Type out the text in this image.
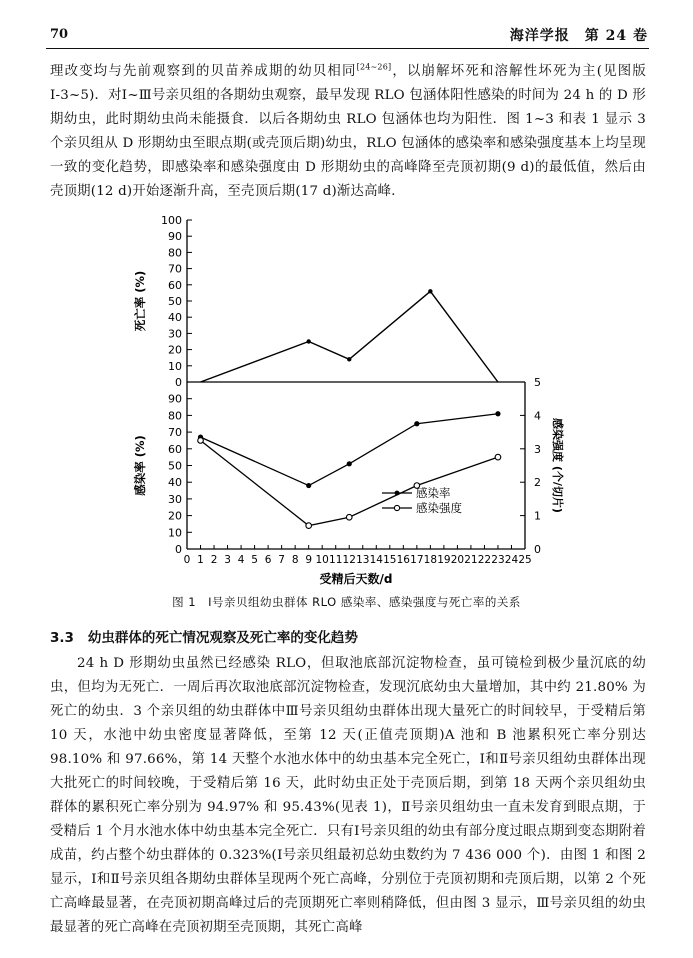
70	海洋学报　第 24 卷

理改变均与先前观察到的贝苗养成期的幼贝相同[24~26]，以崩解坏死和溶解性坏死为主(见图版Ⅰ-3~5)．对Ⅰ~Ⅲ号亲贝组的各期幼虫观察，最早发现 RLO 包涵体阳性感染的时间为 24 h 的 D 形期幼虫，此时期幼虫尚未能摄食．以后各期幼虫 RLO 包涵体也均为阳性．图 1~3 和表 1 显示 3 个亲贝组从 D 形期幼虫至眼点期(或壳顶后期)幼虫，RLO 包涵体的感染率和感染强度基本上均呈现一致的变化趋势，即感染率和感染强度由 D 形期幼虫的高峰降至壳顶初期(9 d)的最低值，然后由壳顶期(12 d)开始逐渐升高，至壳顶后期(17 d)渐达高峰．

0
10
20
30
40
50
60
70
80
90
100
0
10
20
30
40
50
60
70
80
90
0
1
2
3
4
5
0 1 2 3 4 5 6 7 8 9 10 11 12 13 14 15 16 17 18 19 20 21 22 23 24 25
受精后天数/d
死亡率 (%)
感染率 (%)	感染强度 (个/切片)
感染率
感染强度
图 1　Ⅰ号亲贝组幼虫群体 RLO 感染率、感染强度与死亡率的关系
3.3 幼虫群体的死亡情况观察及死亡率的变化趋势

24 h D 形期幼虫虽然已经感染 RLO，但取池底部沉淀物检查，虽可镜检到极少量沉底的幼虫，但均为无死亡．一周后再次取池底部沉淀物检查，发现沉底幼虫大量增加，其中约 21.80% 为死亡的幼虫．3 个亲贝组的幼虫群体中Ⅲ号亲贝组幼虫群体出现大量死亡的时间较早，于受精后第 10 天，水池中幼虫密度显著降低，至第 12 天(正值壳顶期)A 池和 B 池累积死亡率分别达 98.10% 和 97.66%，第 14 天整个水池水体中的幼虫基本完全死亡，Ⅰ和Ⅱ号亲贝组幼虫群体出现大批死亡的时间较晚，于受精后第 16 天，此时幼虫正处于壳顶后期，到第 18 天两个亲贝组幼虫群体的累积死亡率分别为 94.97% 和 95.43%(见表 1)，Ⅱ号亲贝组幼虫一直未发育到眼点期，于受精后 1 个月水池水体中幼虫基本完全死亡．只有Ⅰ号亲贝组的幼虫有部分度过眼点期到变态期附着成苗，约占整个幼虫群体的 0.323%(Ⅰ号亲贝组最初总幼虫数约为 7 436 000 个)．由图 1 和图 2 显示，Ⅰ和Ⅱ号亲贝组各期幼虫群体呈现两个死亡高峰，分别位于壳顶初期和壳顶后期，以第 2 个死亡高峰最显著，在壳顶初期高峰过后的壳顶期死亡率则稍降低，但由图 3 显示，Ⅲ号亲贝组的幼虫最显著的死亡高峰在壳顶初期至壳顶期，其死亡高峰
